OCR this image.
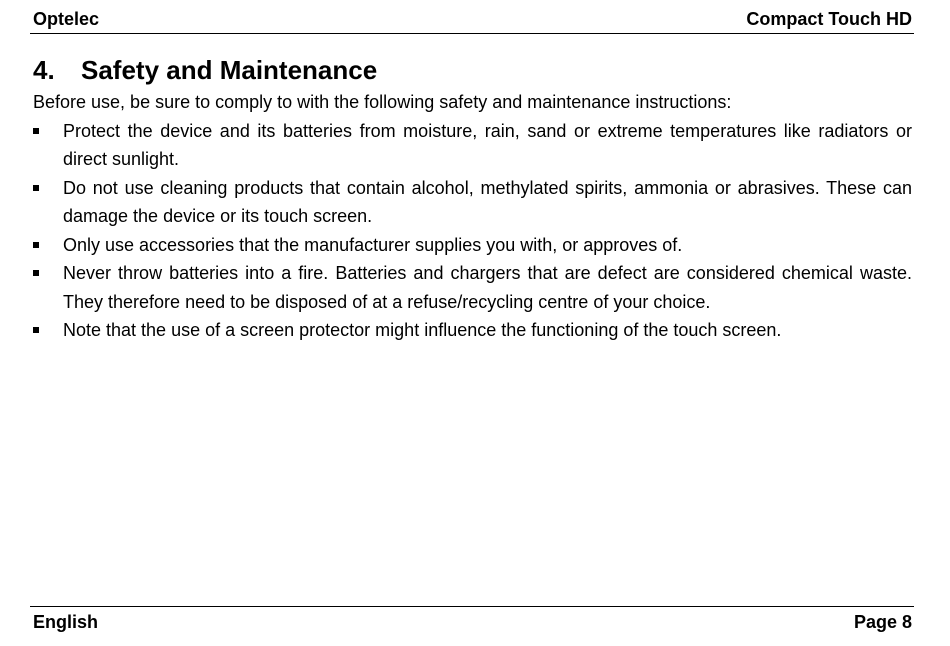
Optelec	Compact Touch HD
4.	Safety and Maintenance

Before use, be sure to comply to with the following safety and maintenance instructions:

Protect the device and its batteries from moisture, rain, sand or extreme temperatures like radiators or direct sunlight.
Do not use cleaning products that contain alcohol, methylated spirits, ammonia or abrasives. These can damage the device or its touch screen.
Only use accessories that the manufacturer supplies you with, or approves of.
Never throw batteries into a fire. Batteries and chargers that are defect are considered chemical waste. They therefore need to be disposed of at a refuse/recycling centre of your choice.
Note that the use of a screen protector might influence the functioning of the touch screen.
English	Page 8
